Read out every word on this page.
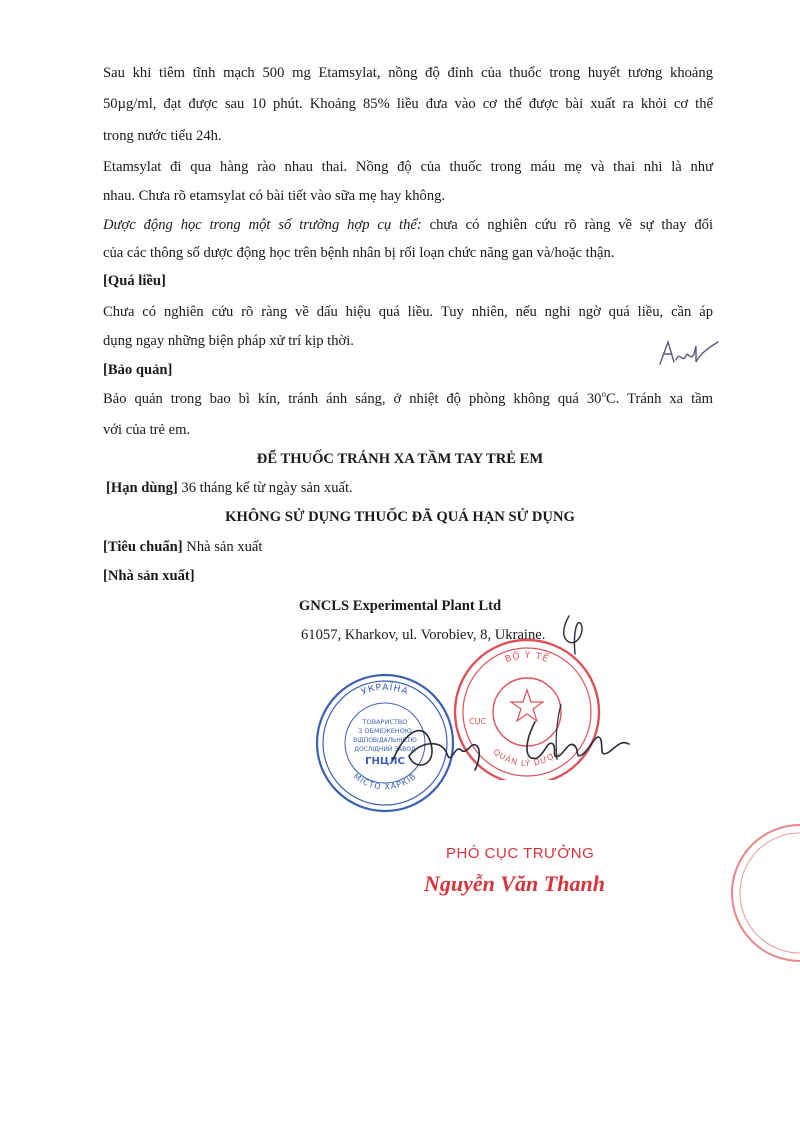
Sau khi tiêm tĩnh mạch 500 mg Etamsylat, nồng độ đỉnh của thuốc trong huyết tương khoảng
50µg/ml, đạt được sau 10 phút. Khoảng 85% liều đưa vào cơ thể được bài xuất ra khỏi cơ thể
trong nước tiểu 24h.
Etamsylat đi qua hàng rào nhau thai. Nồng độ của thuốc trong máu mẹ và thai nhi là như
nhau. Chưa rõ etamsylat có bài tiết vào sữa mẹ hay không.
Dược động học trong một số trường hợp cụ thể: chưa có nghiên cứu rõ ràng về sự thay đổi
của các thông số dược động học trên bệnh nhân bị rối loạn chức năng gan và/hoặc thận.
[Quá liều]
Chưa có nghiên cứu rõ ràng về dấu hiệu quá liều. Tuy nhiên, nếu nghi ngờ quá liều, cần áp
dụng ngay những biện pháp xử trí kịp thời.
[Bảo quản]
Bảo quản trong bao bì kín, tránh ánh sáng, ở nhiệt độ phòng không quá 30$^o$C. Tránh xa tầm
với của trẻ em.
ĐỂ THUỐC TRÁNH XA TẦM TAY TRẺ EM
[Hạn dùng] 36 tháng kể từ ngày sản xuất.
KHÔNG SỬ DỤNG THUỐC ĐÃ QUÁ HẠN SỬ DỤNG
[Tiêu chuẩn] Nhà sản xuất
[Nhà sản xuất]
GNCLS Experimental Plant Ltd
61057, Kharkov, ul. Vorobiev, 8, Ukraine.
УКРАЇНА
МІСТО ХАРКІВ
ТОВАРИСТВО
З ОБМЕЖЕНОЮ
ВІДПОВІДАЛЬНІСТЮ
ДОСЛІДНИЙ ЗАВОД
ГНЦЛС
BỘ Y TẾ
QUẢN LÝ DƯỢC
CỤC
PHÓ CỤC TRƯỞNG
Nguyễn Văn Thanh
